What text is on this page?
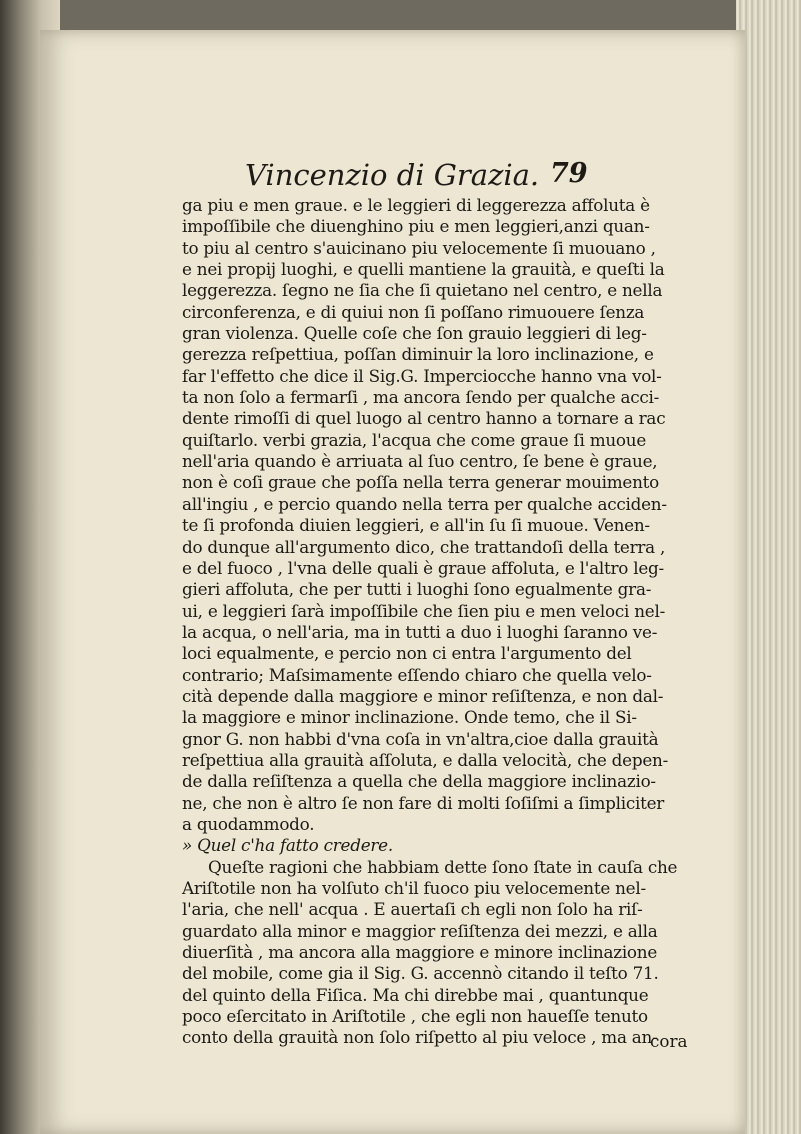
Vincenzio di Grazia. 79
ga piu e men graue. e le leggieri di leggerezza affoluta è
impoſſibile che diuenghino piu e men leggieri,anzi quan-
to piu al centro s'auicinano piu velocemente ſi muouano ,
e nei propij luoghi, e quelli mantiene la grauità, e queſti la
leggerezza. ſegno ne ſia che ſi quietano nel centro, e nella
circonferenza, e di quiui non ſi poſſano rimuouere ſenza
gran violenza. Quelle coſe che ſon grauio leggieri di leg-
gerezza reſpettiua, poſſan diminuir la loro inclinazione, e
far l'effetto che dice il Sig.G. Imperciocche hanno vna vol-
ta non ſolo a fermarſi , ma ancora ſendo per qualche acci-
dente rimoſſi di quel luogo al centro hanno a tornare a rac
quiſtarlo. verbi grazia, l'acqua che come graue ſi muoue
nell'aria quando è arriuata al ſuo centro, ſe bene è graue,
non è coſi graue che poſſa nella terra generar mouimento
all'ingiu , e percio quando nella terra per qualche acciden-
te ſi profonda diuien leggieri, e all'in ſu ſi muoue. Venen-
do dunque all'argumento dico, che trattandoſi della terra ,
e del fuoco , l'vna delle quali è graue affoluta, e l'altro leg-
gieri affoluta, che per tutti i luoghi ſono egualmente gra-
ui, e leggieri ſarà impoſſibile che ſien piu e men veloci nel-
la acqua, o nell'aria, ma in tutti a duo i luoghi ſaranno ve-
loci equalmente, e percio non ci entra l'argumento del
contrario; Maſsimamente eſſendo chiaro che quella velo-
cità depende dalla maggiore e minor reſiſtenza, e non dal-
la maggiore e minor inclinazione. Onde temo, che il Si-
gnor G. non habbi d'vna coſa in vn'altra,cioe dalla grauità
reſpettiua alla grauità aſſoluta, e dalla velocità, che depen-
de dalla reſiſtenza a quella che della maggiore inclinazio-
ne, che non è altro ſe non fare di molti ſoſiſmi a ſimpliciter
a quodammodo.
» Quel c'ha fatto credere.
Queſte ragioni che habbiam dette ſono ſtate in cauſa che
Ariſtotile non ha volſuto ch'il fuoco piu velocemente nel-
l'aria, che nell' acqua . E auertaſi ch egli non ſolo ha riſ-
guardato alla minor e maggior reſiſtenza dei mezzi, e alla
diuerſità , ma ancora alla maggiore e minore inclinazione
del mobile, come gia il Sig. G. accennò citando il teſto 71.
del quinto della Fiſica. Ma chi direbbe mai , quantunque
poco eſercitato in Ariſtotile , che egli non haueſſe tenuto
conto della grauità non ſolo riſpetto al piu veloce , ma an-
cora
